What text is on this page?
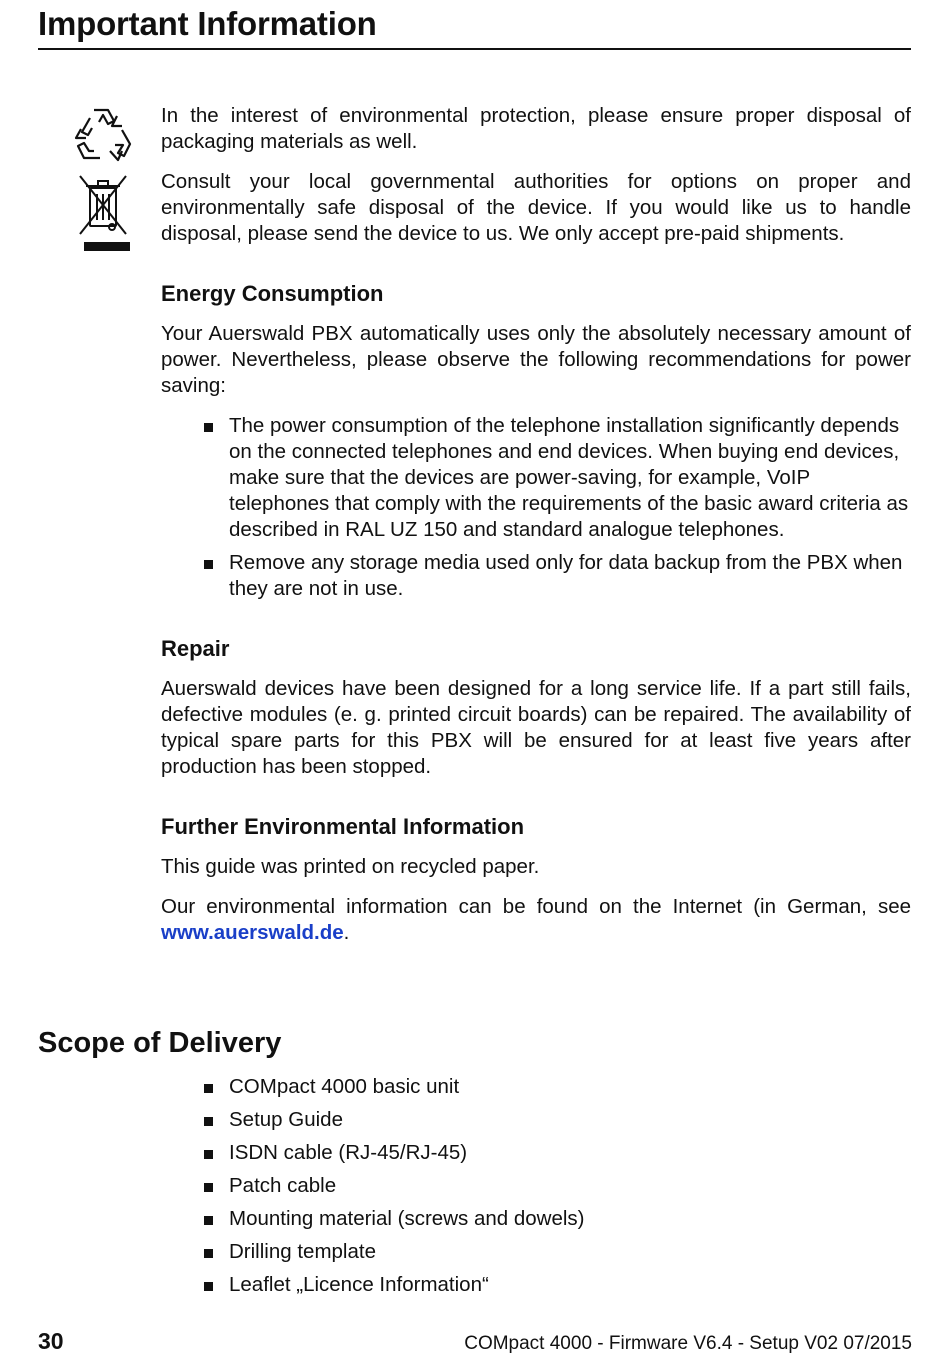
Important Information

In the interest of environmental protection, please ensure proper disposal of packaging materials as well.

Consult your local governmental authorities for options on proper and environmentally safe disposal of the device. If you would like us to handle disposal, please send the device to us. We only accept pre-paid shipments.

Energy Consumption

Your Auerswald PBX automatically uses only the absolutely necessary amount of power. Nevertheless, please observe the following recommendations for power saving:

The power consumption of the telephone installation significantly depends on the connected telephones and end devices. When buying end devices, make sure that the devices are power-saving, for example, VoIP telephones that comply with the requirements of the basic award criteria as described in RAL UZ 150 and standard analogue telephones.
Remove any storage media used only for data backup from the PBX when they are not in use.
Repair

Auerswald devices have been designed for a long service life. If a part still fails, defective modules (e. g. printed circuit boards) can be repaired. The availability of typical spare parts for this PBX will be ensured for at least five years after production has been stopped.

Further Environmental Information

This guide was printed on recycled paper.

Our environmental information can be found on the Internet (in German, see www.auerswald.de.

Scope of Delivery
COMpact 4000 basic unit
Setup Guide
ISDN cable (RJ-45/RJ-45)
Patch cable
Mounting material (screws and dowels)
Drilling template
Leaflet „Licence Information“
30	COMpact 4000 - Firmware V6.4 - Setup V02 07/2015
